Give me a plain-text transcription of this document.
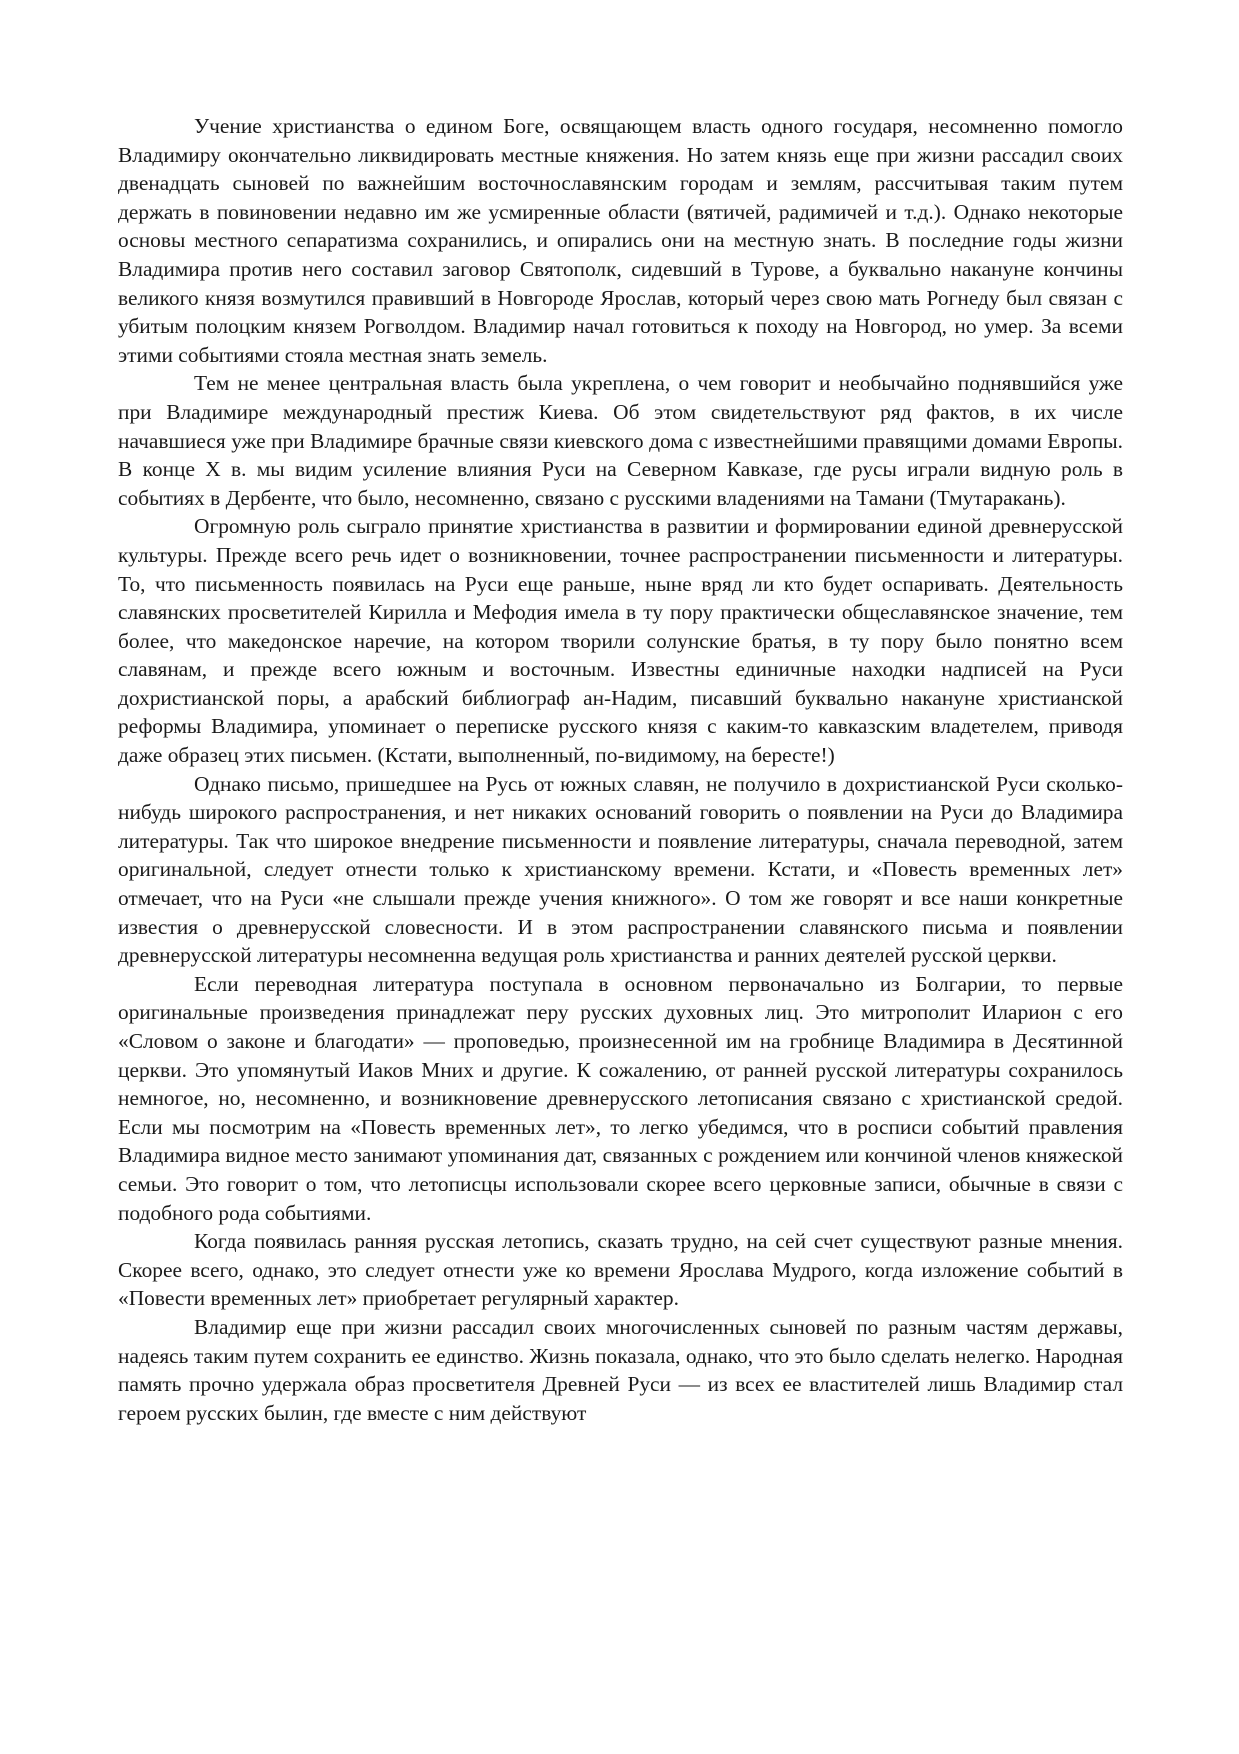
Учение христианства о едином Боге, освящающем власть одного государя, несомненно помогло Владимиру окончательно ликвидировать местные княжения. Но затем князь еще при жизни рассадил своих двенадцать сыновей по важнейшим восточнославянским городам и землям, рассчитывая таким путем держать в повиновении недавно им же усмиренные области (вятичей, радимичей и т.д.). Однако некоторые основы местного сепаратизма сохранились, и опирались они на местную знать. В последние годы жизни Владимира против него составил заговор Святополк, сидевший в Турове, а буквально накануне кончины великого князя возмутился правивший в Новгороде Ярослав, который через свою мать Рогнеду был связан с убитым полоцким князем Рогволдом. Владимир начал готовиться к походу на Новгород, но умер. За всеми этими событиями стояла местная знать земель.

Тем не менее центральная власть была укреплена, о чем говорит и необычайно поднявшийся уже при Владимире международный престиж Киева. Об этом свидетельствуют ряд фактов, в их числе начавшиеся уже при Владимире брачные связи киевского дома с известнейшими правящими домами Европы. В конце X в. мы видим усиление влияния Руси на Северном Кавказе, где русы играли видную роль в событиях в Дербенте, что было, несомненно, связано с русскими владениями на Тамани (Тмутаракань).

Огромную роль сыграло принятие христианства в развитии и формировании единой древнерусской культуры. Прежде всего речь идет о возникновении, точнее распространении письменности и литературы. То, что письменность появилась на Руси еще раньше, ныне вряд ли кто будет оспаривать. Деятельность славянских просветителей Кирилла и Мефодия имела в ту пору практически общеславянское значение, тем более, что македонское наречие, на котором творили солунские братья, в ту пору было понятно всем славянам, и прежде всего южным и восточным. Известны единичные находки надписей на Руси дохристианской поры, а арабский библиограф ан-Надим, писавший буквально накануне христианской реформы Владимира, упоминает о переписке русского князя с каким-то кавказским владетелем, приводя даже образец этих письмен. (Кстати, выполненный, по-видимому, на бересте!)

Однако письмо, пришедшее на Русь от южных славян, не получило в дохристианской Руси сколько-нибудь широкого распространения, и нет никаких оснований говорить о появлении на Руси до Владимира литературы. Так что широкое внедрение письменности и появление литературы, сначала переводной, затем оригинальной, следует отнести только к христианскому времени. Кстати, и «Повесть временных лет» отмечает, что на Руси «не слышали прежде учения книжного». О том же говорят и все наши конкретные известия о древнерусской словесности. И в этом распространении славянского письма и появлении древнерусской литературы несомненна ведущая роль христианства и ранних деятелей русской церкви.

Если переводная литература поступала в основном первоначально из Болгарии, то первые оригинальные произведения принадлежат перу русских духовных лиц. Это митрополит Иларион с его «Словом о законе и благодати» — проповедью, произнесенной им на гробнице Владимира в Десятинной церкви. Это упомянутый Иаков Мних и другие. К сожалению, от ранней русской литературы сохранилось немногое, но, несомненно, и возникновение древнерусского летописания связано с христианской средой. Если мы посмотрим на «Повесть временных лет», то легко убедимся, что в росписи событий правления Владимира видное место занимают упоминания дат, связанных с рождением или кончиной членов княжеской семьи. Это говорит о том, что летописцы использовали скорее всего церковные записи, обычные в связи с подобного рода событиями.

Когда появилась ранняя русская летопись, сказать трудно, на сей счет существуют разные мнения. Скорее всего, однако, это следует отнести уже ко времени Ярослава Мудрого, когда изложение событий в «Повести временных лет» приобретает регулярный характер.

Владимир еще при жизни рассадил своих многочисленных сыновей по разным частям державы, надеясь таким путем сохранить ее единство. Жизнь показала, однако, что это было сделать нелегко. Народная память прочно удержала образ просветителя Древней Руси — из всех ее властителей лишь Владимир стал героем русских былин, где вместе с ним действуют
